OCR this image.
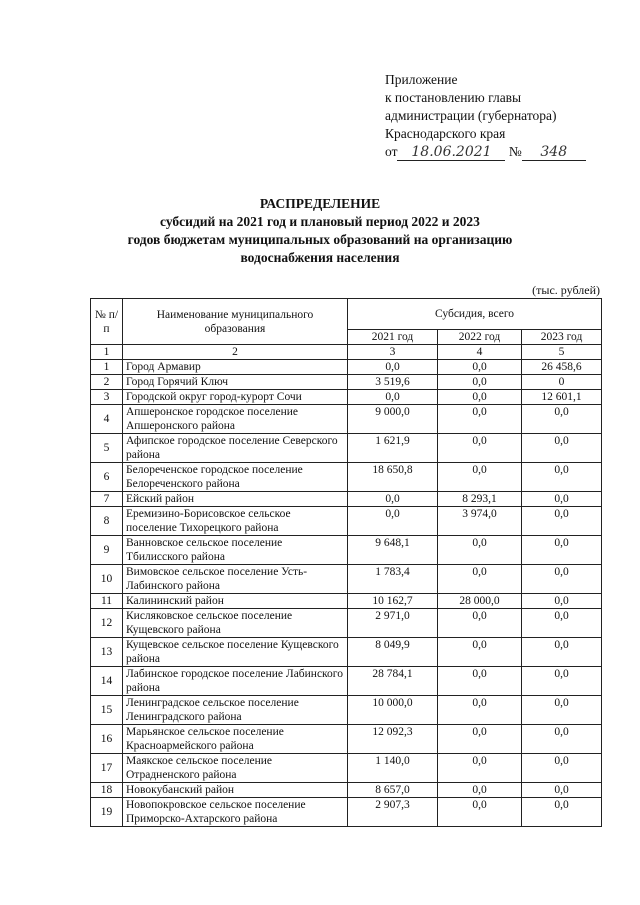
Приложение
к постановлению главы
администрации (губернатора)
Краснодарского края
от 18.06.2021 № 348
РАСПРЕДЕЛЕНИЕ
субсидий на 2021 год и плановый период 2022 и 2023
годов бюджетам муниципальных образований на организацию
водоснабжения населения
(тыс. рублей)
№ п/п	Наименование муниципального образования	Субсидия, всего		
		2021 год	2022 год	2023 год
1	2	3	4	5
1	Город Армавир	0,0	0,0	26 458,6
2	Город Горячий Ключ	3 519,6	0,0	0
3	Городской округ город-курорт Сочи	0,0	0,0	12 601,1
4	Апшеронское городское поселение Апшеронского района	9 000,0	0,0	0,0
5	Афипское городское поселение Северского района	1 621,9	0,0	0,0
6	Белореченское городское поселение Белореченского района	18 650,8	0,0	0,0
7	Ейский район	0,0	8 293,1	0,0
8	Еремизино-Борисовское сельское поселение Тихорецкого района	0,0	3 974,0	0,0
9	Ванновское сельское поселение Тбилисского района	9 648,1	0,0	0,0
10	Вимовское сельское поселение Усть-Лабинского района	1 783,4	0,0	0,0
11	Калининский район	10 162,7	28 000,0	0,0
12	Кисляковское сельское поселение Кущевского района	2 971,0	0,0	0,0
13	Кущевское сельское поселение Кущевского района	8 049,9	0,0	0,0
14	Лабинское городское поселение Лабинского района	28 784,1	0,0	0,0
15	Ленинградское сельское поселение Ленинградского района	10 000,0	0,0	0,0
16	Марьянское сельское поселение Красноармейского района	12 092,3	0,0	0,0
17	Маякское сельское поселение Отрадненского района	1 140,0	0,0	0,0
18	Новокубанский район	8 657,0	0,0	0,0
19	Новопокровское сельское поселение Приморско-Ахтарского района	2 907,3	0,0	0,0
